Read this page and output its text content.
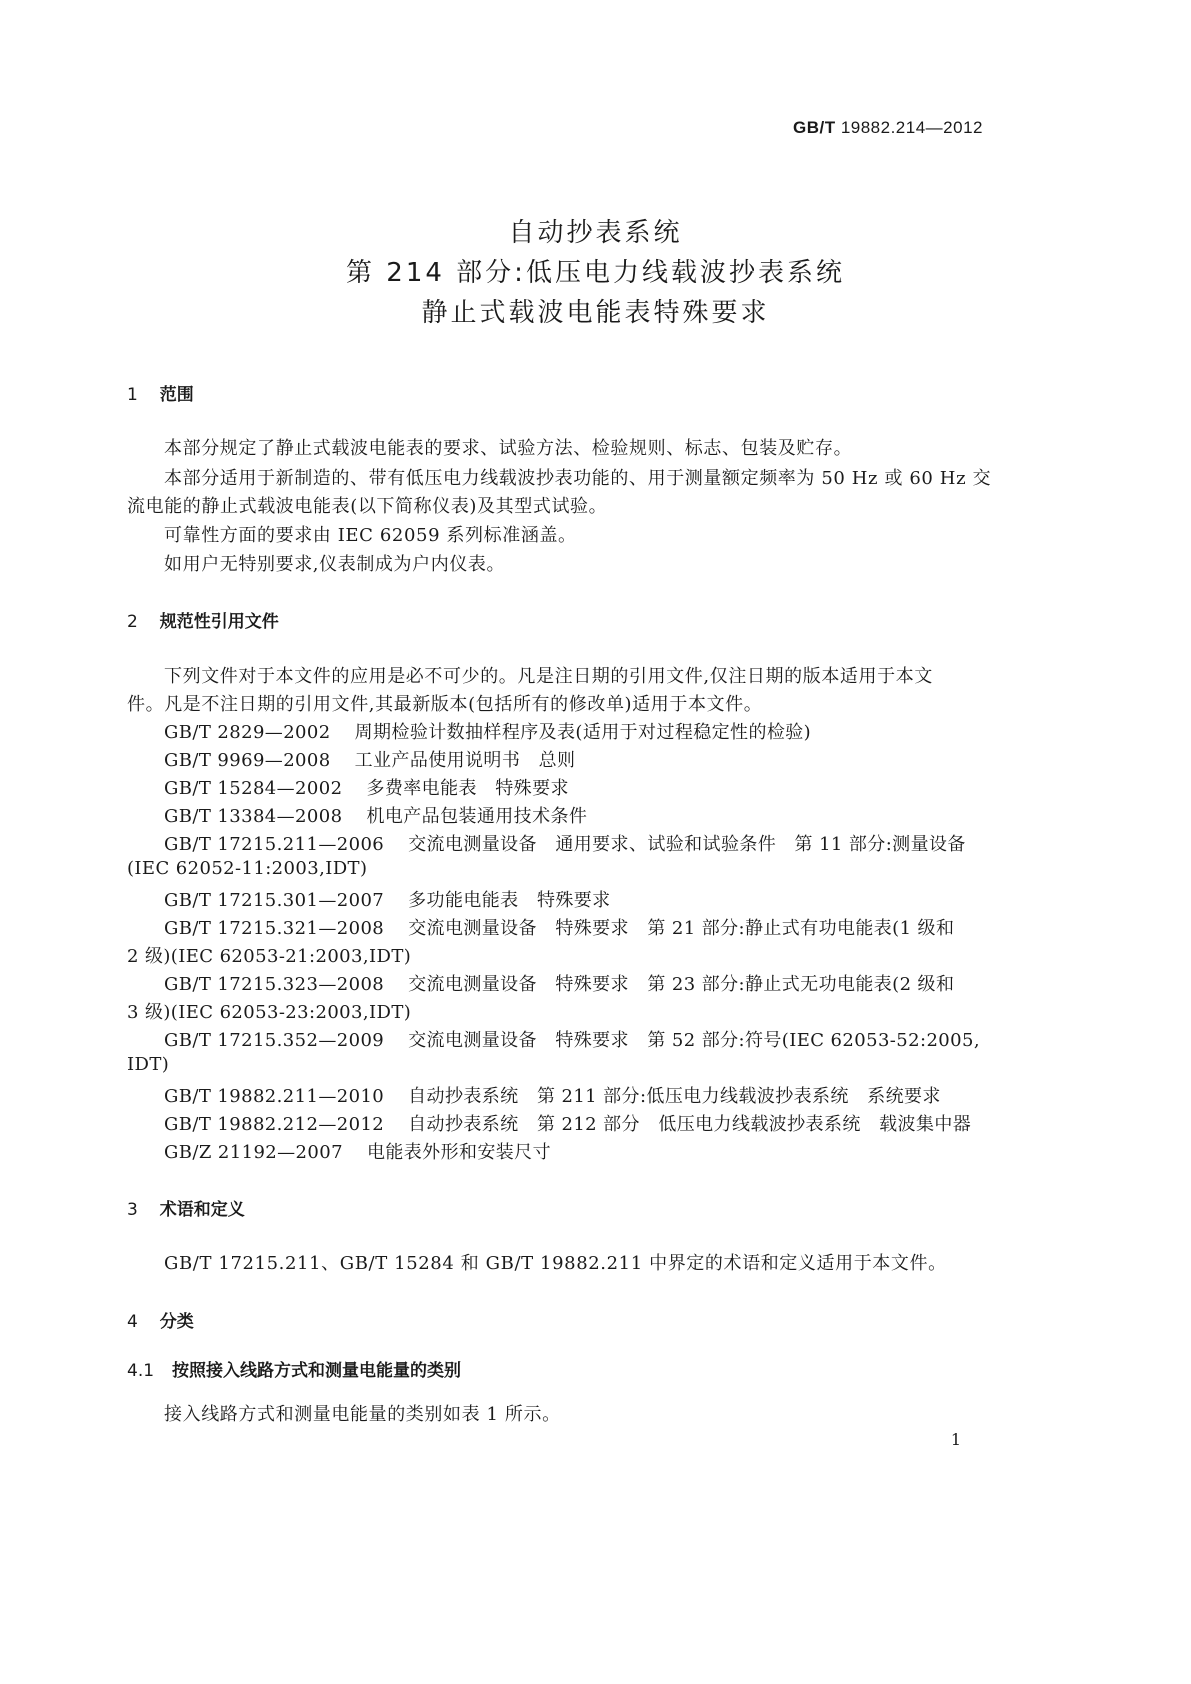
GB/T 19882.214—2012
自动抄表系统
第 214 部分:低压电力线载波抄表系统
静止式载波电能表特殊要求
1 范围
本部分规定了静止式载波电能表的要求、试验方法、检验规则、标志、包装及贮存。
本部分适用于新制造的、带有低压电力线载波抄表功能的、用于测量额定频率为 50 Hz 或 60 Hz 交
流电能的静止式载波电能表(以下简称仪表)及其型式试验。
可靠性方面的要求由 IEC 62059 系列标准涵盖。
如用户无特别要求,仪表制成为户内仪表。
2 规范性引用文件
下列文件对于本文件的应用是必不可少的。凡是注日期的引用文件,仅注日期的版本适用于本文
件。凡是不注日期的引用文件,其最新版本(包括所有的修改单)适用于本文件。
GB/T 2829—2002 周期检验计数抽样程序及表(适用于对过程稳定性的检验)
GB/T 9969—2008 工业产品使用说明书　总则
GB/T 15284—2002 多费率电能表　特殊要求
GB/T 13384—2008 机电产品包装通用技术条件
GB/T 17215.211—2006 交流电测量设备　通用要求、试验和试验条件　第 11 部分:测量设备
(IEC 62052-11:2003,IDT)
GB/T 17215.301—2007 多功能电能表　特殊要求
GB/T 17215.321—2008 交流电测量设备　特殊要求　第 21 部分:静止式有功电能表(1 级和
2 级)(IEC 62053-21:2003,IDT)
GB/T 17215.323—2008 交流电测量设备　特殊要求　第 23 部分:静止式无功电能表(2 级和
3 级)(IEC 62053-23:2003,IDT)
GB/T 17215.352—2009 交流电测量设备　特殊要求　第 52 部分:符号(IEC 62053-52:2005,
IDT)
GB/T 19882.211—2010 自动抄表系统　第 211 部分:低压电力线载波抄表系统　系统要求
GB/T 19882.212—2012 自动抄表系统　第 212 部分　低压电力线载波抄表系统　载波集中器
GB/Z 21192—2007 电能表外形和安装尺寸
3 术语和定义
GB/T 17215.211、GB/T 15284 和 GB/T 19882.211 中界定的术语和定义适用于本文件。
4 分类
4.1 按照接入线路方式和测量电能量的类别
接入线路方式和测量电能量的类别如表 1 所示。
1
